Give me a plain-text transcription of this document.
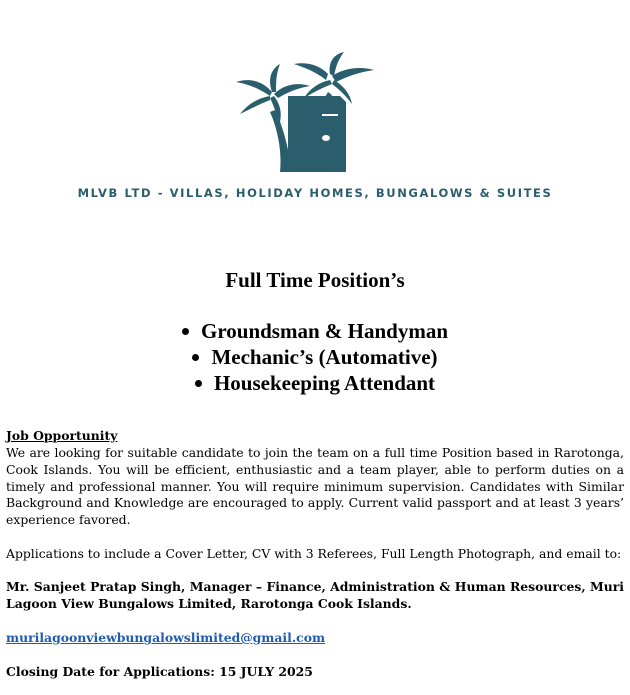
MLVB LTD - VILLAS, HOLIDAY HOMES, BUNGALOWS & SUITES
Full Time Position’s
Groundsman & Handyman
Mechanic’s (Automative)
Housekeeping Attendant
Job Opportunity
We are looking for suitable candidate to join the team on a full time Position based in Rarotonga, Cook Islands. You will be efficient, enthusiastic and a team player, able to perform duties on a timely and professional manner. You will require minimum supervision. Candidates with Similar Background and Knowledge are encouraged to apply. Current valid passport and at least 3 years’ experience favored.
Applications to include a Cover Letter, CV with 3 Referees, Full Length Photograph, and email to:
Mr. Sanjeet Pratap Singh, Manager – Finance, Administration & Human Resources, Muri Lagoon View Bungalows Limited, Rarotonga Cook Islands.
murilagoonviewbungalowslimited@gmail.com
Closing Date for Applications: 15 JULY 2025
